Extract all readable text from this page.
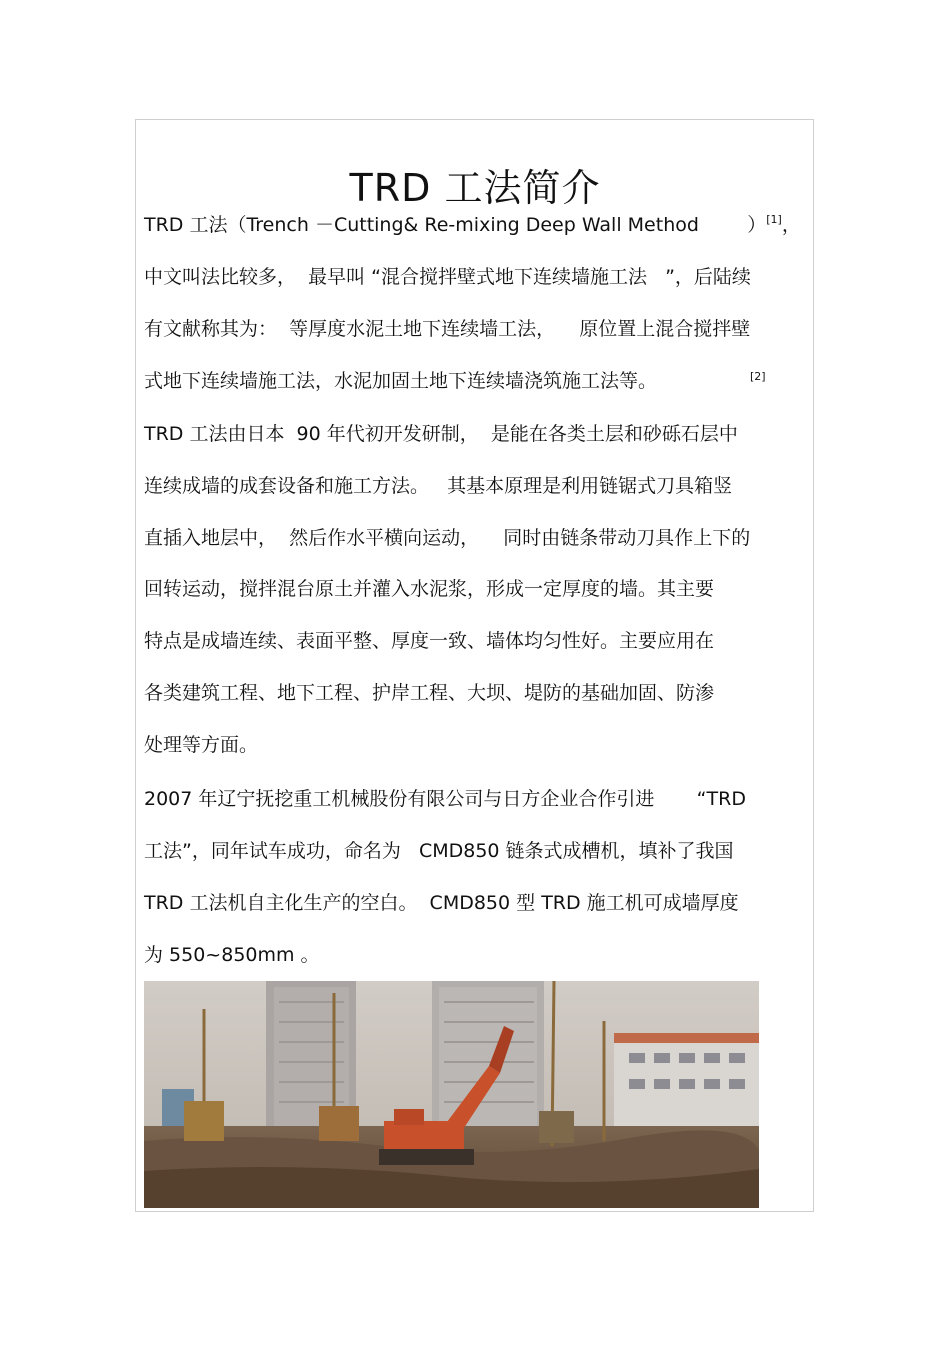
TRD 工法简介
TRD 工法（Trench －Cutting& Re-mixing Deep Wall Method        ）[1]，
中文叫法比较多，  最早叫 “混合搅拌壁式地下连续墙施工法   ”，后陆续
有文献称其为：  等厚度水泥土地下连续墙工法，    原位置上混合搅拌壁
式地下连续墙施工法，水泥加固土地下连续墙浇筑施工法等。	[2]
TRD 工法由日本  90 年代初开发研制，  是能在各类土层和砂砾石层中
连续成墙的成套设备和施工方法。   其基本原理是利用链锯式刀具箱竖
直插入地层中，  然后作水平横向运动，    同时由链条带动刀具作上下的
回转运动，搅拌混台原土并灌入水泥浆，形成一定厚度的墙。其主要
特点是成墙连续、表面平整、厚度一致、墙体均匀性好。主要应用在
各类建筑工程、地下工程、护岸工程、大坝、堤防的基础加固、防渗
处理等方面。
2007 年辽宁抚挖重工机械股份有限公司与日方企业合作引进       “TRD
工法”，同年试车成功，命名为   CMD850 链条式成槽机，填补了我国
TRD 工法机自主化生产的空白。  CMD850 型 TRD 施工机可成墙厚度
为 550~850mm 。
